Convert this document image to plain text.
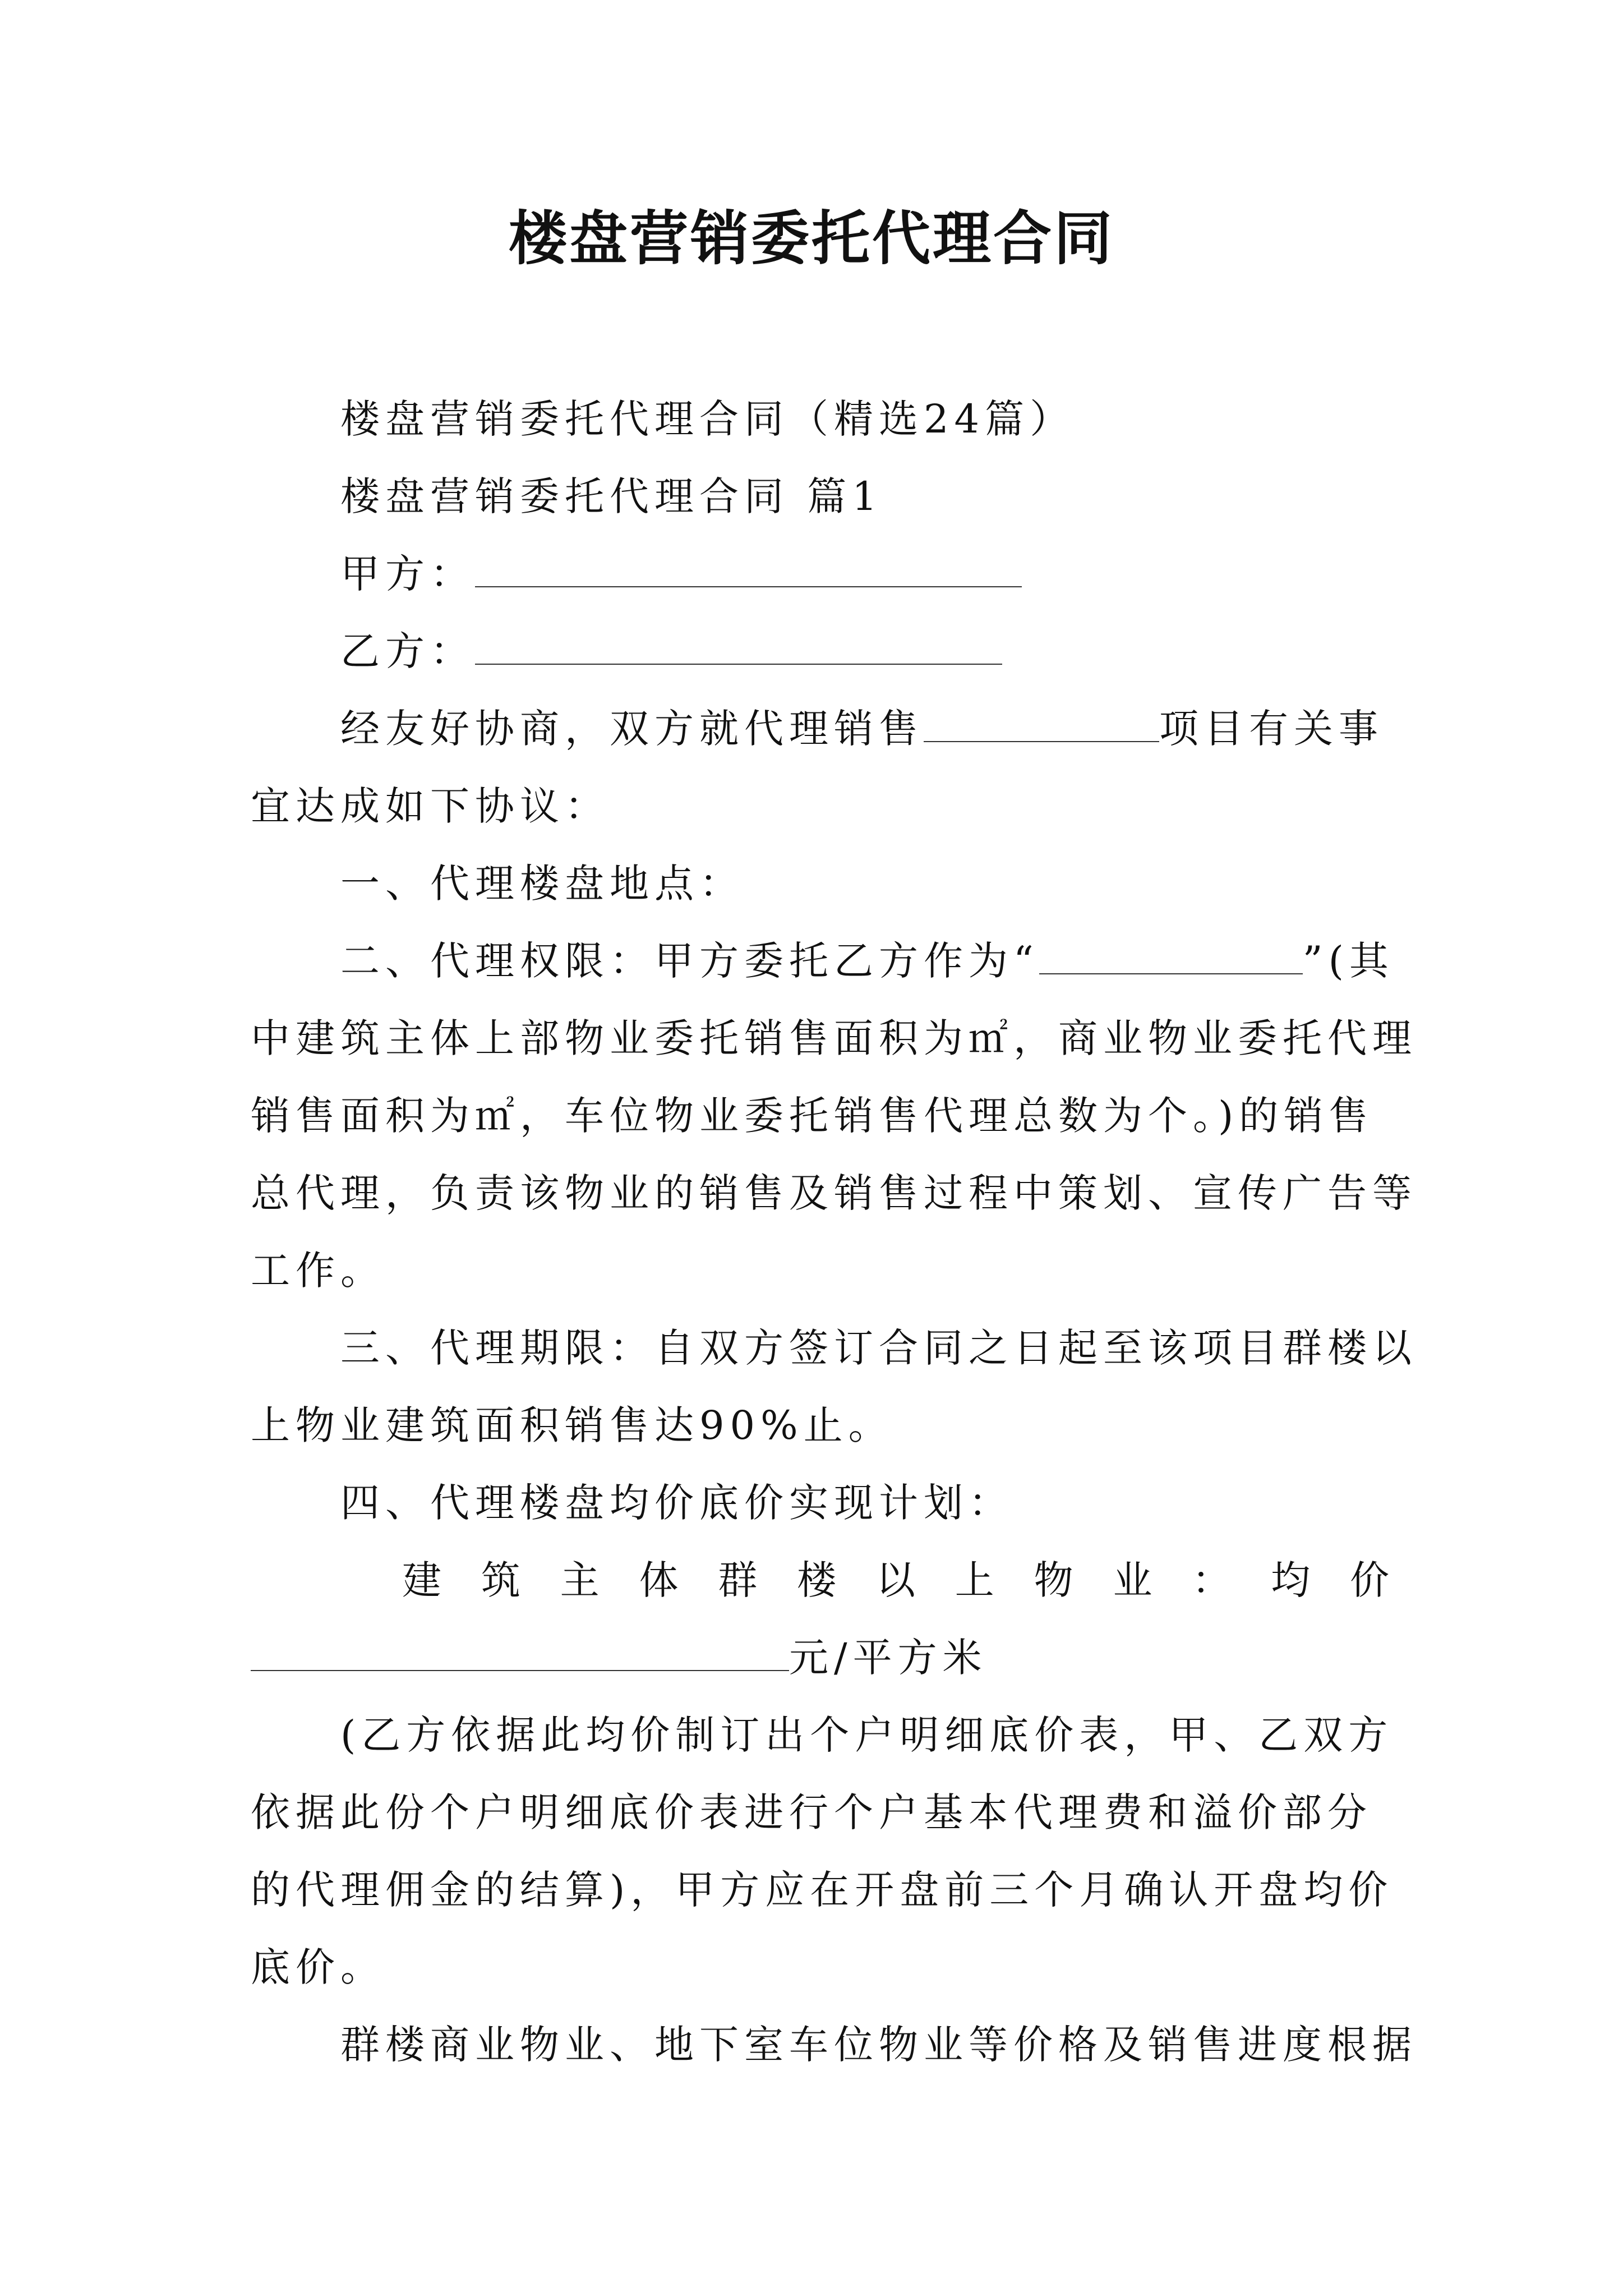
楼盘营销委托代理合同

楼盘营销委托代理合同（精选24篇）

楼盘营销委托代理合同 篇1

甲方：

乙方：

经友好协商，双方就代理销售	项目有关事

宜达成如下协议：

一、代理楼盘地点：

二、代理权限：甲方委托乙方作为“	”(其

中建筑主体上部物业委托销售面积为㎡，商业物业委托代理

销售面积为㎡，车位物业委托销售代理总数为个。)的销售

总代理，负责该物业的销售及销售过程中策划、宣传广告等

工作。

三、代理期限：自双方签订合同之日起至该项目群楼以

上物业建筑面积销售达90%止。

四、代理楼盘均价底价实现计划：

建 筑 主 体 群 楼 以 上 物 业 ： 均 价

元/平方米

(乙方依据此均价制订出个户明细底价表，甲、乙双方

依据此份个户明细底价表进行个户基本代理费和溢价部分

的代理佣金的结算)，甲方应在开盘前三个月确认开盘均价

底价。

群楼商业物业、地下室车位物业等价格及销售进度根据
